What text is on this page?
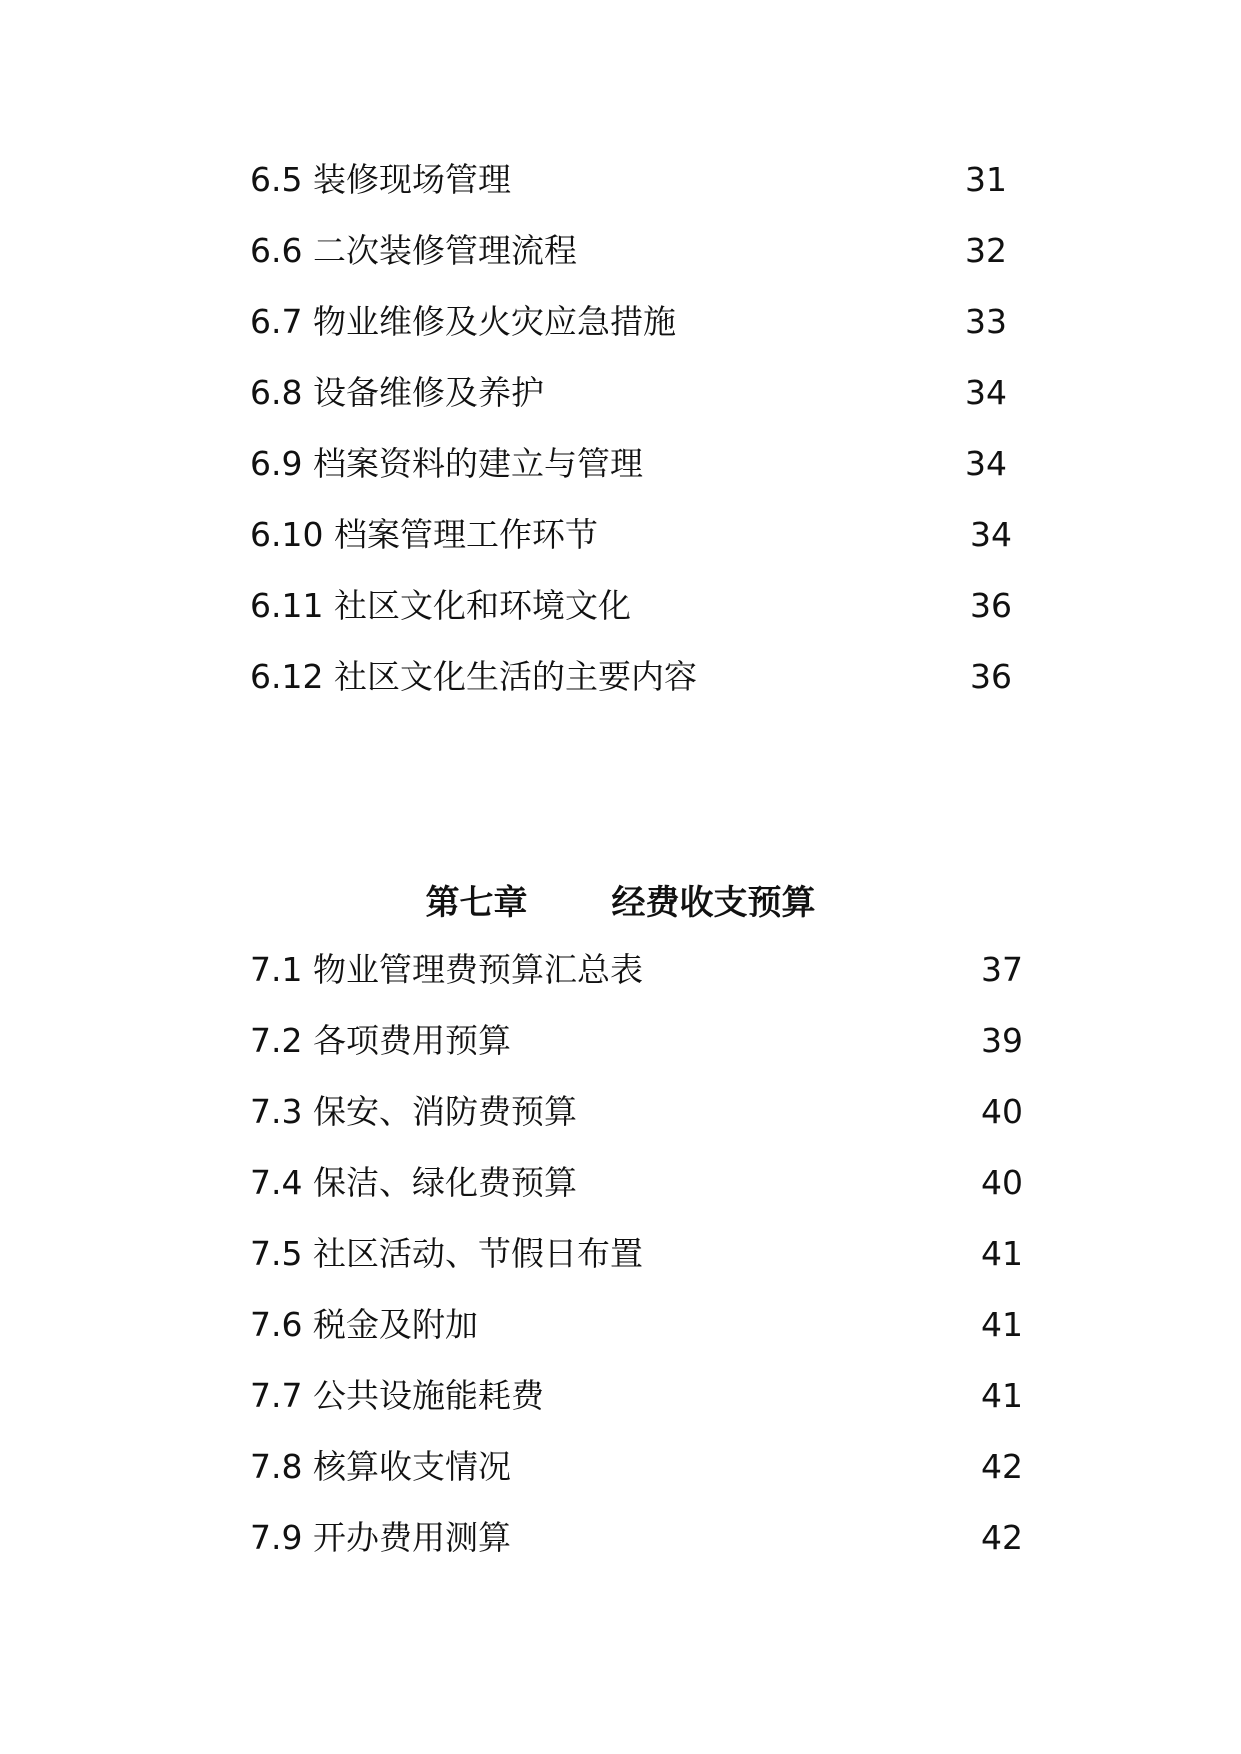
6.5 装修现场管理	31
6.6 二次装修管理流程	32
6.7 物业维修及火灾应急措施	33
6.8 设备维修及养护	34
6.9 档案资料的建立与管理	34
6.10 档案管理工作环节	34
6.11 社区文化和环境文化	36
6.12 社区文化生活的主要内容	36
第七章 经费收支预算
7.1 物业管理费预算汇总表	37
7.2 各项费用预算	39
7.3 保安、消防费预算	40
7.4 保洁、绿化费预算	40
7.5 社区活动、节假日布置	41
7.6 税金及附加	41
7.7 公共设施能耗费	41
7.8 核算收支情况	42
7.9 开办费用测算	42
